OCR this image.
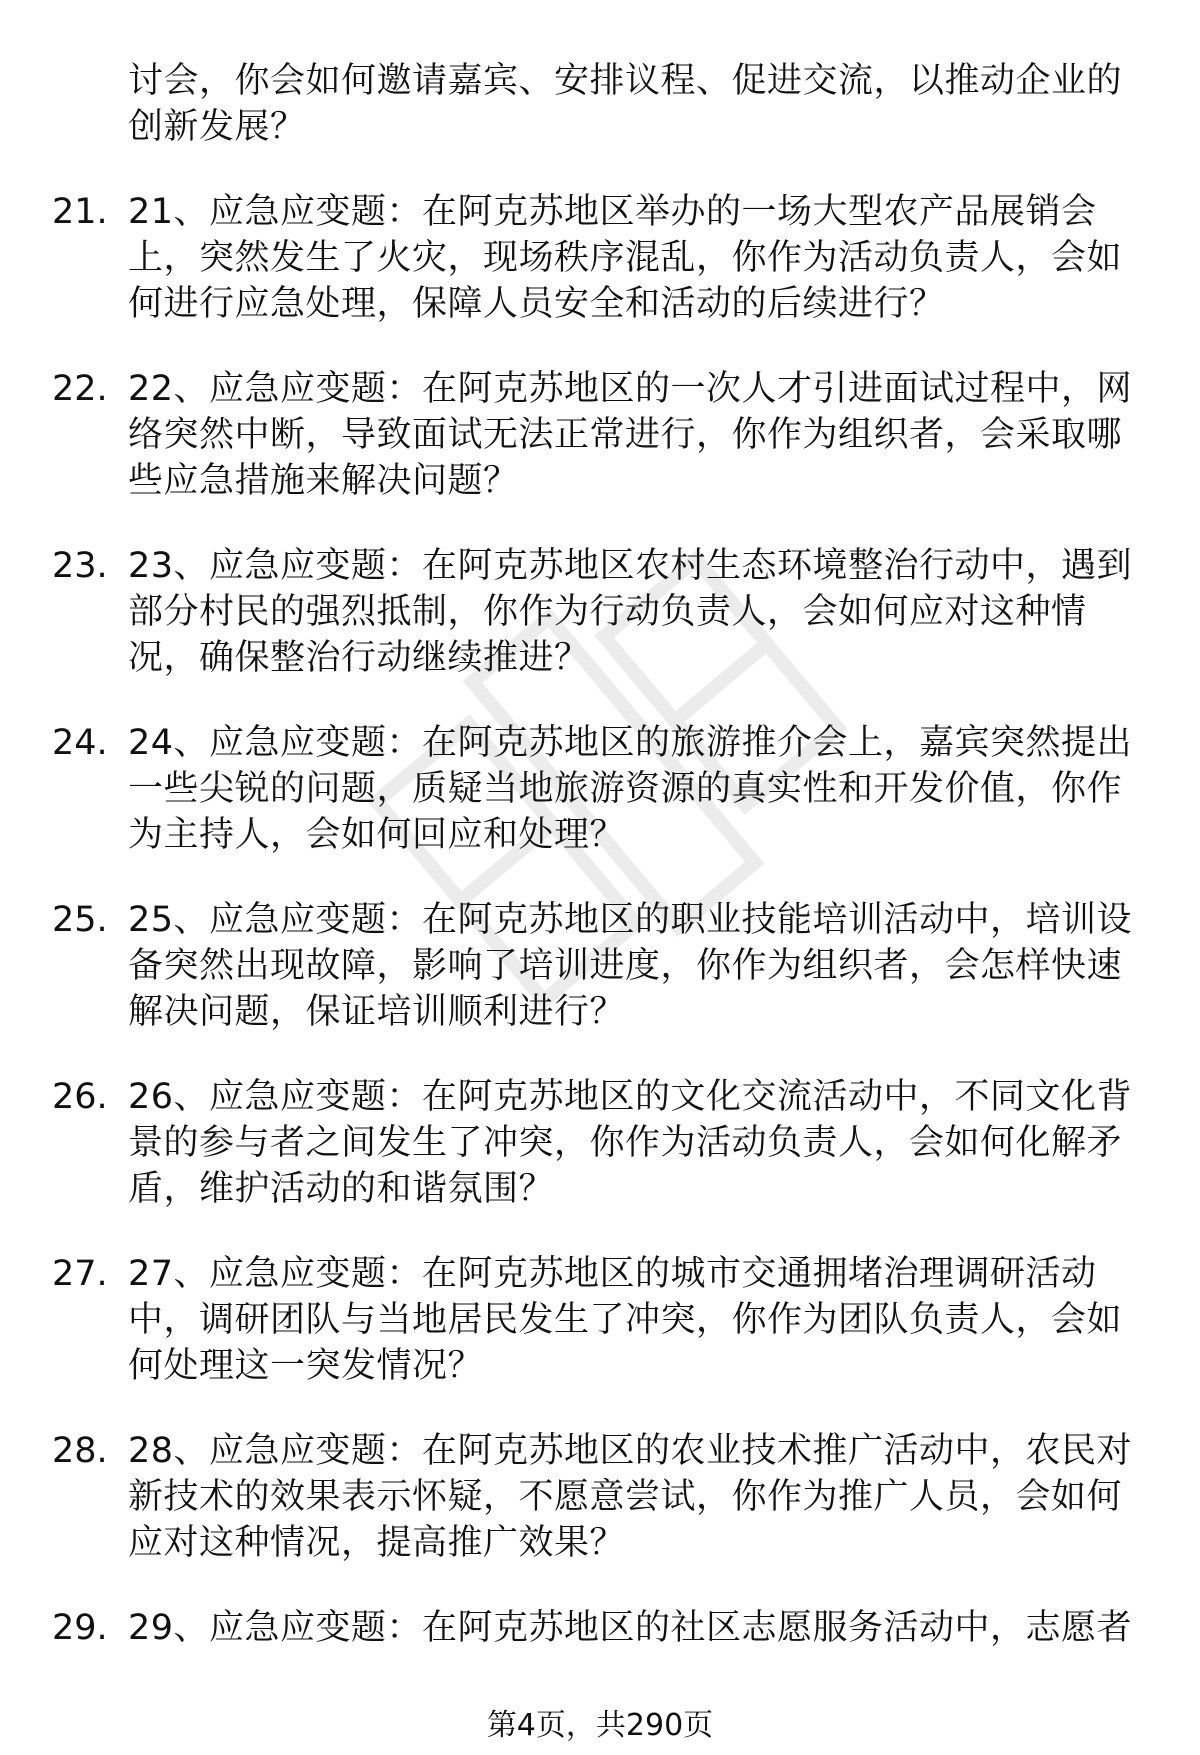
讨会，你会如何邀请嘉宾、安排议程、促进交流，以推动企业的创新发展？
21. 21、应急应变题：在阿克苏地区举办的一场大型农产品展销会上，突然发生了火灾，现场秩序混乱，你作为活动负责人，会如何进行应急处理，保障人员安全和活动的后续进行？
22. 22、应急应变题：在阿克苏地区的一次人才引进面试过程中，网络突然中断，导致面试无法正常进行，你作为组织者，会采取哪些应急措施来解决问题？
23. 23、应急应变题：在阿克苏地区农村生态环境整治行动中，遇到部分村民的强烈抵制，你作为行动负责人，会如何应对这种情况，确保整治行动继续推进？
24. 24、应急应变题：在阿克苏地区的旅游推介会上，嘉宾突然提出一些尖锐的问题，质疑当地旅游资源的真实性和开发价值，你作为主持人，会如何回应和处理？
25. 25、应急应变题：在阿克苏地区的职业技能培训活动中，培训设备突然出现故障，影响了培训进度，你作为组织者，会怎样快速解决问题，保证培训顺利进行？
26. 26、应急应变题：在阿克苏地区的文化交流活动中，不同文化背景的参与者之间发生了冲突，你作为活动负责人，会如何化解矛盾，维护活动的和谐氛围？
27. 27、应急应变题：在阿克苏地区的城市交通拥堵治理调研活动中，调研团队与当地居民发生了冲突，你作为团队负责人，会如何处理这一突发情况？
28. 28、应急应变题：在阿克苏地区的农业技术推广活动中，农民对新技术的效果表示怀疑，不愿意尝试，你作为推广人员，会如何应对这种情况，提高推广效果？
29. 29、应急应变题：在阿克苏地区的社区志愿服务活动中，志愿者
第4页，共290页
